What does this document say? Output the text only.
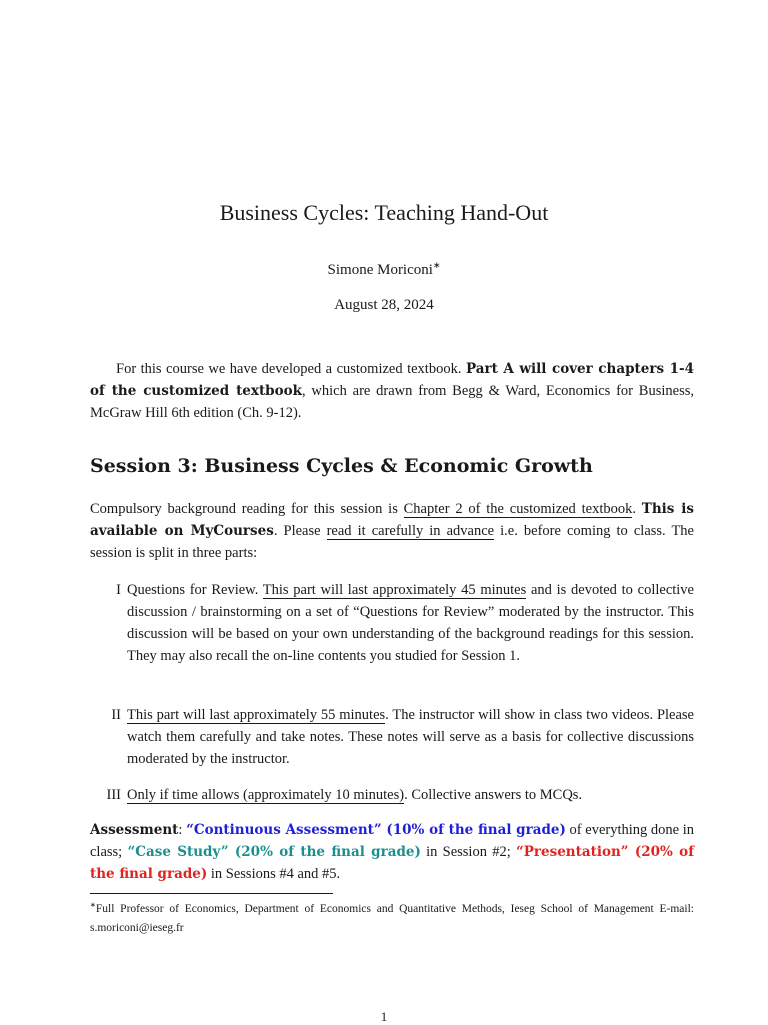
Business Cycles: Teaching Hand-Out
Simone Moriconi∗
August 28, 2024
For this course we have developed a customized textbook. Part A will cover chapters 1-4 of the customized textbook, which are drawn from Begg & Ward, Economics for Business, McGraw Hill 6th edition (Ch. 9-12).
Session 3: Business Cycles & Economic Growth
Compulsory background reading for this session is Chapter 2 of the customized textbook. This is available on MyCourses. Please read it carefully in advance i.e. before coming to class. The session is split in three parts:
I Questions for Review. This part will last approximately 45 minutes and is devoted to collective discussion / brainstorming on a set of “Questions for Review” moderated by the instructor. This discussion will be based on your own understanding of the background readings for this session. They may also recall the on-line contents you studied for Session 1.
II This part will last approximately 55 minutes. The instructor will show in class two videos. Please watch them carefully and take notes. These notes will serve as a basis for collective discussions moderated by the instructor.
III Only if time allows (approximately 10 minutes). Collective answers to MCQs.
Assessment: “Continuous Assessment” (10% of the final grade) of everything done in class; “Case Study” (20% of the final grade) in Session #2; “Presentation” (20% of the final grade) in Sessions #4 and #5.
∗Full Professor of Economics, Department of Economics and Quantitative Methods, Ieseg School of Management E-mail: s.moriconi@ieseg.fr
1
